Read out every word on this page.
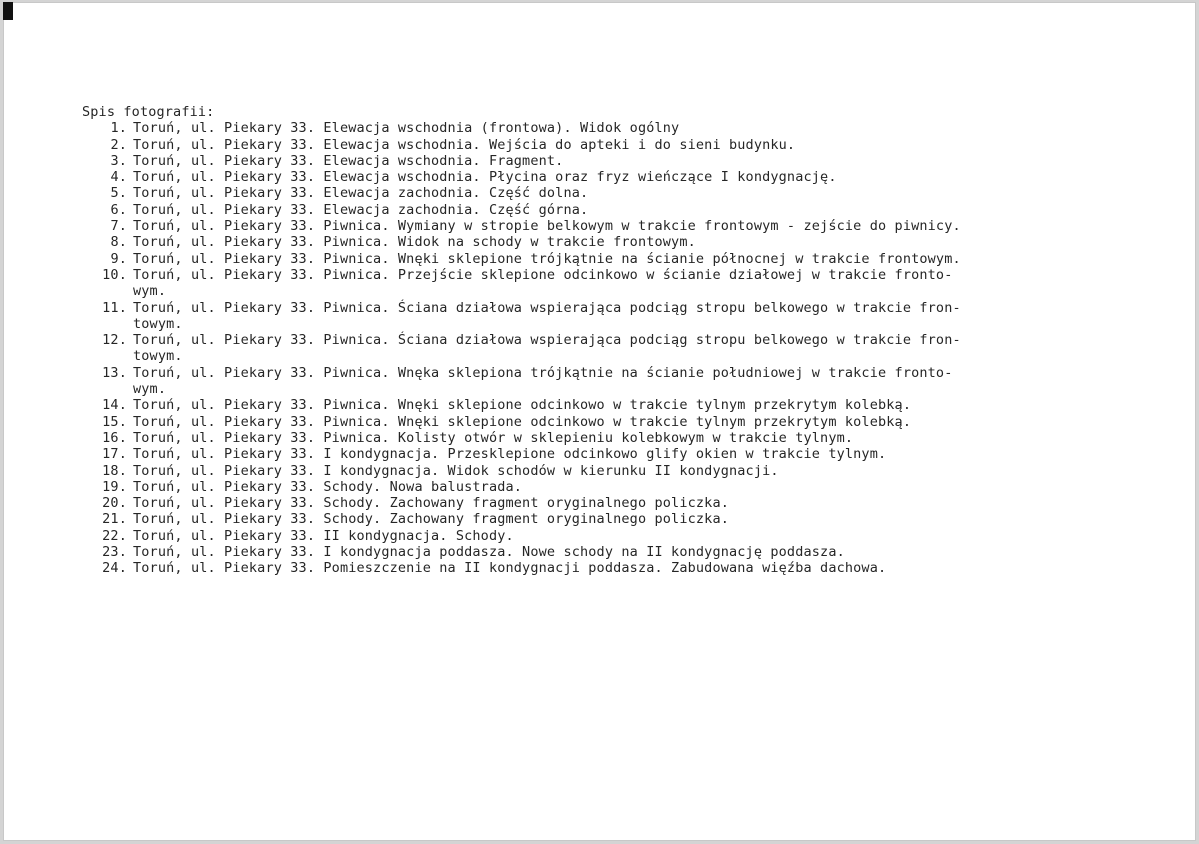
Spis fotografii:
1. Toruń, ul. Piekary 33. Elewacja wschodnia (frontowa). Widok ogólny
2. Toruń, ul. Piekary 33. Elewacja wschodnia. Wejścia do apteki i do sieni budynku.
3. Toruń, ul. Piekary 33. Elewacja wschodnia. Fragment.
4. Toruń, ul. Piekary 33. Elewacja wschodnia. Płycina oraz fryz wieńczące I kondygnację.
5. Toruń, ul. Piekary 33. Elewacja zachodnia. Część dolna.
6. Toruń, ul. Piekary 33. Elewacja zachodnia. Część górna.
7. Toruń, ul. Piekary 33. Piwnica. Wymiany w stropie belkowym w trakcie frontowym - zejście do piwnicy.
8. Toruń, ul. Piekary 33. Piwnica. Widok na schody w trakcie frontowym.
9. Toruń, ul. Piekary 33. Piwnica. Wnęki sklepione trójkątnie na ścianie północnej w trakcie frontowym.
10. Toruń, ul. Piekary 33. Piwnica. Przejście sklepione odcinkowo w ścianie działowej w trakcie fronto-
wym.
11. Toruń, ul. Piekary 33. Piwnica. Ściana działowa wspierająca podciąg stropu belkowego w trakcie fron-
towym.
12. Toruń, ul. Piekary 33. Piwnica. Ściana działowa wspierająca podciąg stropu belkowego w trakcie fron-
towym.
13. Toruń, ul. Piekary 33. Piwnica. Wnęka sklepiona trójkątnie na ścianie południowej w trakcie fronto-
wym.
14. Toruń, ul. Piekary 33. Piwnica. Wnęki sklepione odcinkowo w trakcie tylnym przekrytym kolebką.
15. Toruń, ul. Piekary 33. Piwnica. Wnęki sklepione odcinkowo w trakcie tylnym przekrytym kolebką.
16. Toruń, ul. Piekary 33. Piwnica. Kolisty otwór w sklepieniu kolebkowym w trakcie tylnym.
17. Toruń, ul. Piekary 33. I kondygnacja. Przesklepione odcinkowo glify okien w trakcie tylnym.
18. Toruń, ul. Piekary 33. I kondygnacja. Widok schodów w kierunku II kondygnacji.
19. Toruń, ul. Piekary 33. Schody. Nowa balustrada.
20. Toruń, ul. Piekary 33. Schody. Zachowany fragment oryginalnego policzka.
21. Toruń, ul. Piekary 33. Schody. Zachowany fragment oryginalnego policzka.
22. Toruń, ul. Piekary 33. II kondygnacja. Schody.
23. Toruń, ul. Piekary 33. I kondygnacja poddasza. Nowe schody na II kondygnację poddasza.
24. Toruń, ul. Piekary 33. Pomieszczenie na II kondygnacji poddasza. Zabudowana więźba dachowa.
